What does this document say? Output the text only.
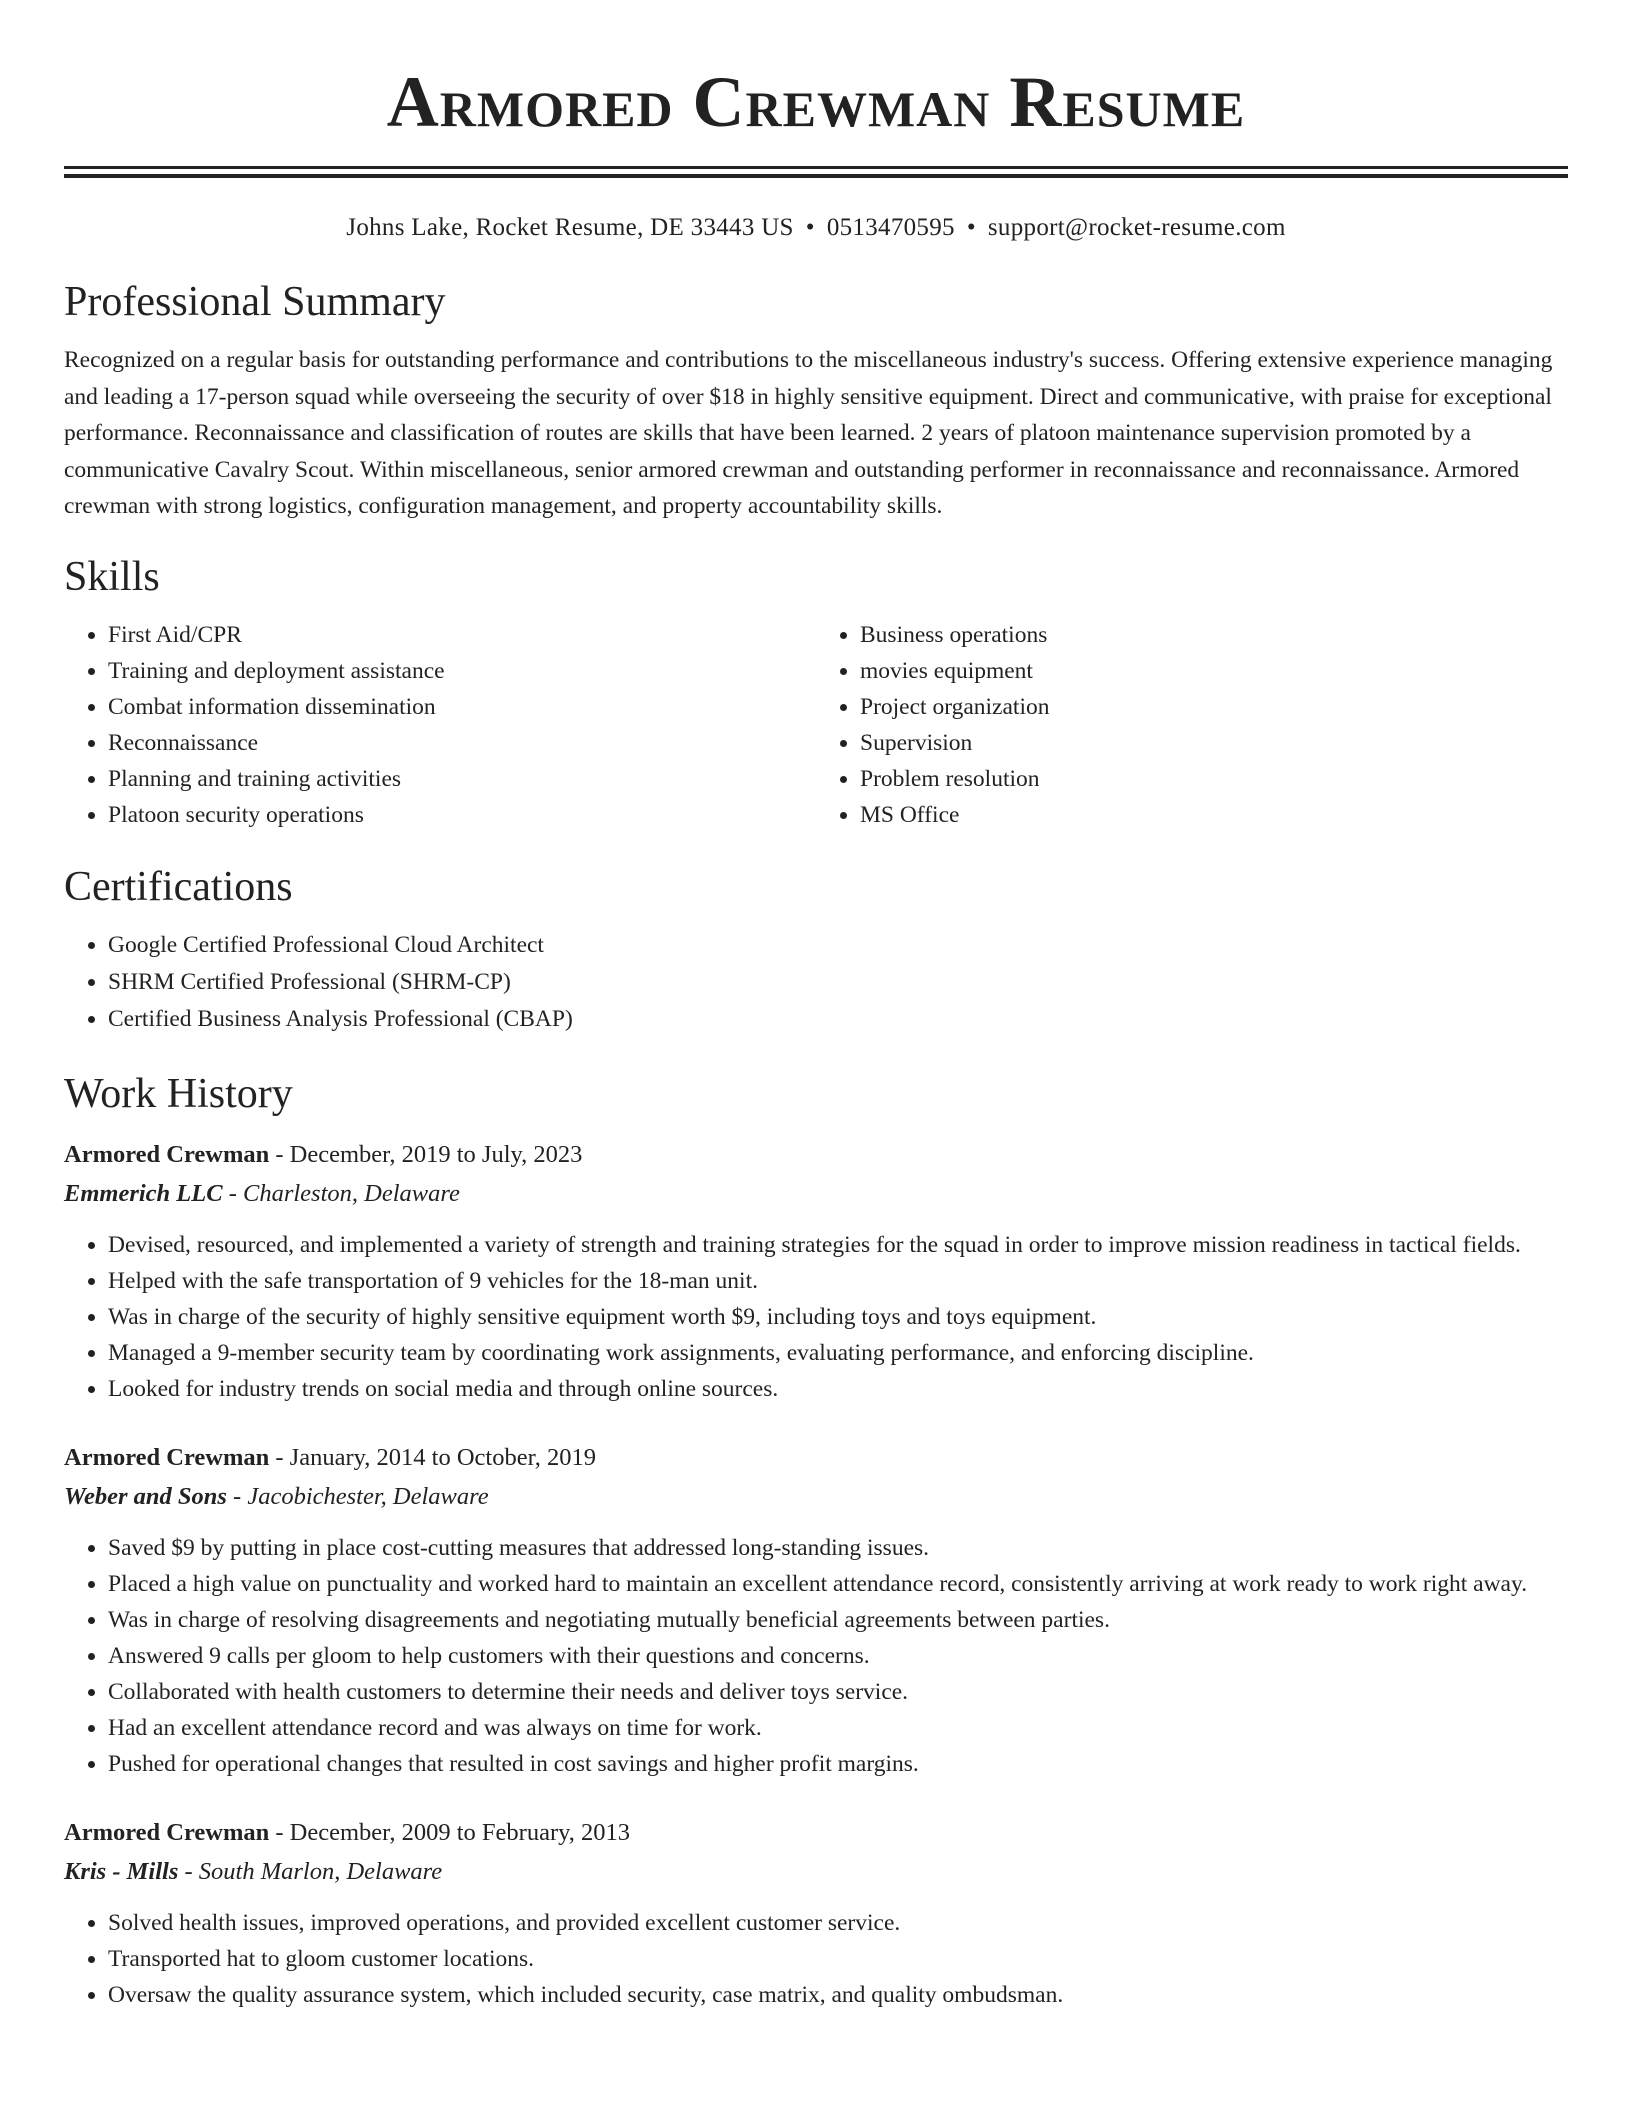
Armored Crewman Resume
Johns Lake, Rocket Resume, DE 33443 US • 0513470595 • support@rocket-resume.com
Professional Summary
Recognized on a regular basis for outstanding performance and contributions to the miscellaneous industry's success. Offering extensive experience managing and leading a 17-person squad while overseeing the security of over $18 in highly sensitive equipment. Direct and communicative, with praise for exceptional performance. Reconnaissance and classification of routes are skills that have been learned. 2 years of platoon maintenance supervision promoted by a communicative Cavalry Scout. Within miscellaneous, senior armored crewman and outstanding performer in reconnaissance and reconnaissance. Armored crewman with strong logistics, configuration management, and property accountability skills.
Skills
• First Aid/CPR
• Training and deployment assistance
• Combat information dissemination
• Reconnaissance
• Planning and training activities
• Platoon security operations
• Business operations
• movies equipment
• Project organization
• Supervision
• Problem resolution
• MS Office
Certifications
• Google Certified Professional Cloud Architect
• SHRM Certified Professional (SHRM-CP)
• Certified Business Analysis Professional (CBAP)
Work History
Armored Crewman - December, 2019 to July, 2023
Emmerich LLC - Charleston, Delaware
• Devised, resourced, and implemented a variety of strength and training strategies for the squad in order to improve mission readiness in tactical fields.
• Helped with the safe transportation of 9 vehicles for the 18-man unit.
• Was in charge of the security of highly sensitive equipment worth $9, including toys and toys equipment.
• Managed a 9-member security team by coordinating work assignments, evaluating performance, and enforcing discipline.
• Looked for industry trends on social media and through online sources.
Armored Crewman - January, 2014 to October, 2019
Weber and Sons - Jacobichester, Delaware
• Saved $9 by putting in place cost-cutting measures that addressed long-standing issues.
• Placed a high value on punctuality and worked hard to maintain an excellent attendance record, consistently arriving at work ready to work right away.
• Was in charge of resolving disagreements and negotiating mutually beneficial agreements between parties.
• Answered 9 calls per gloom to help customers with their questions and concerns.
• Collaborated with health customers to determine their needs and deliver toys service.
• Had an excellent attendance record and was always on time for work.
• Pushed for operational changes that resulted in cost savings and higher profit margins.
Armored Crewman - December, 2009 to February, 2013
Kris - Mills - South Marlon, Delaware
• Solved health issues, improved operations, and provided excellent customer service.
• Transported hat to gloom customer locations.
• Oversaw the quality assurance system, which included security, case matrix, and quality ombudsman.
